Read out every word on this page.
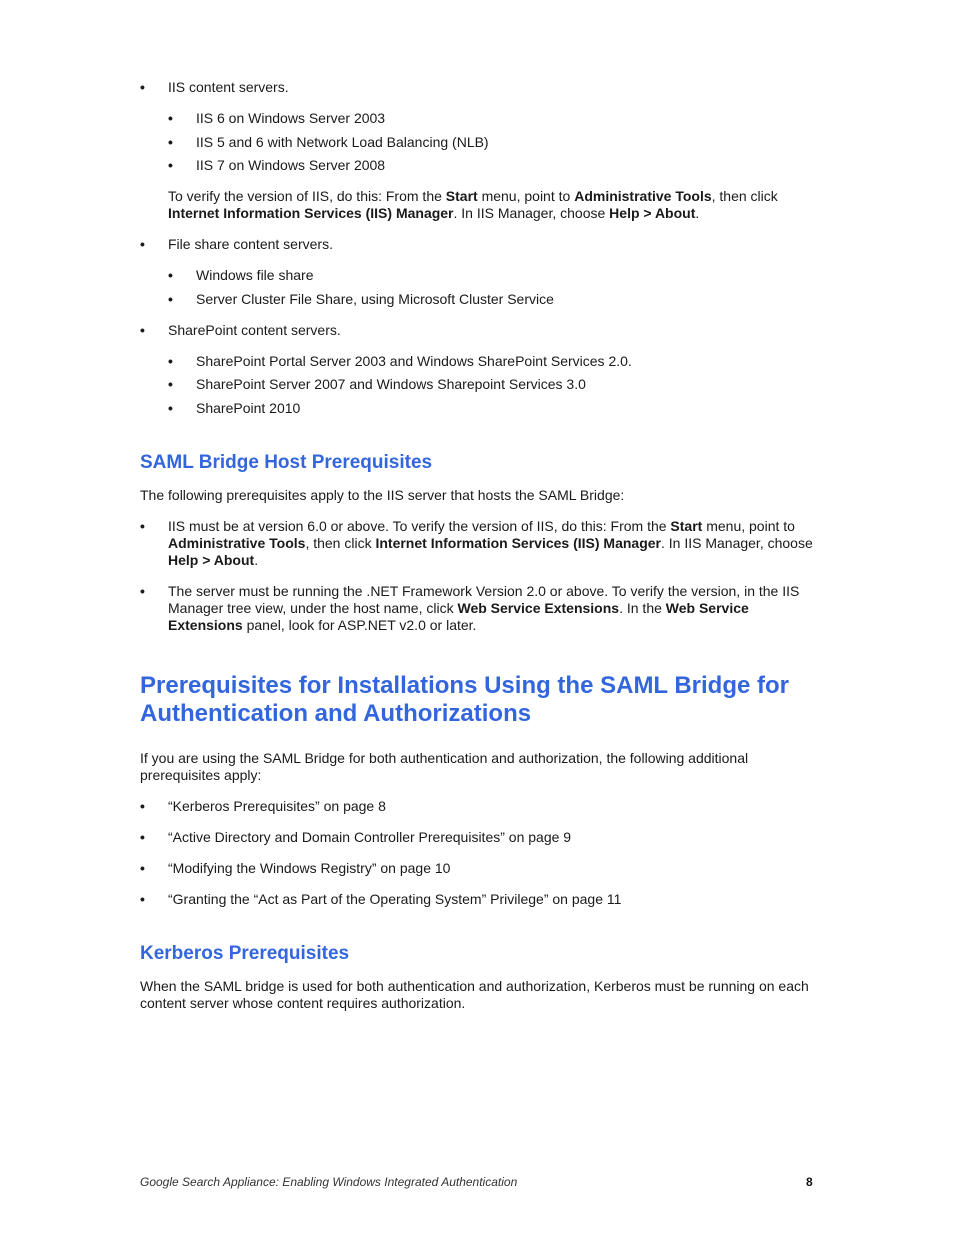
• IIS content servers.
• IIS 6 on Windows Server 2003
• IIS 5 and 6 with Network Load Balancing (NLB)
• IIS 7 on Windows Server 2008

To verify the version of IIS, do this: From the Start menu, point to Administrative Tools, then click
Internet Information Services (IIS) Manager. In IIS Manager, choose Help > About.

• File share content servers.
• Windows file share
• Server Cluster File Share, using Microsoft Cluster Service
• SharePoint content servers.
• SharePoint Portal Server 2003 and Windows SharePoint Services 2.0.
• SharePoint Server 2007 and Windows Sharepoint Services 3.0
• SharePoint 2010
SAML Bridge Host Prerequisites

The following prerequisites apply to the IIS server that hosts the SAML Bridge:

• IIS must be at version 6.0 or above. To verify the version of IIS, do this: From the Start menu, point to Administrative Tools, then click Internet Information Services (IIS) Manager. In IIS Manager, choose Help > About.
• The server must be running the .NET Framework Version 2.0 or above. To verify the version, in the IIS Manager tree view, under the host name, click Web Service Extensions. In the Web Service Extensions panel, look for ASP.NET v2.0 or later.
Prerequisites for Installations Using the SAML Bridge for Authentication and Authorizations

If you are using the SAML Bridge for both authentication and authorization, the following additional prerequisites apply:

• “Kerberos Prerequisites” on page 8
• “Active Directory and Domain Controller Prerequisites” on page 9
• “Modifying the Windows Registry” on page 10
• “Granting the “Act as Part of the Operating System” Privilege” on page 11
Kerberos Prerequisites

When the SAML bridge is used for both authentication and authorization, Kerberos must be running on each content server whose content requires authorization.

Google Search Appliance: Enabling Windows Integrated Authentication	8
